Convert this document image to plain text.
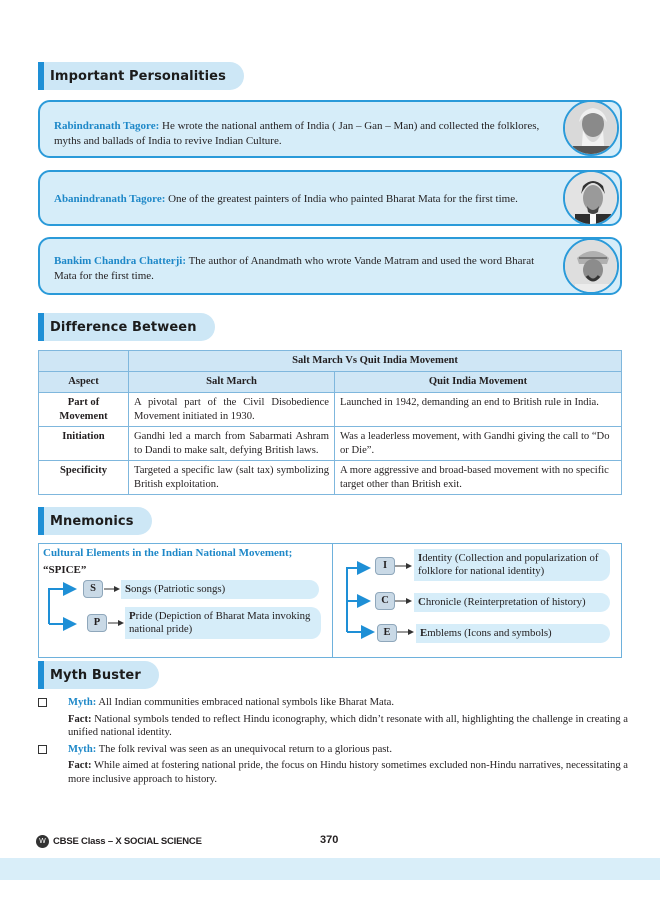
Important Personalities
Rabindranath Tagore: He wrote the national anthem of India ( Jan – Gan – Man) and collected the folklores, myths and ballads of India to revive Indian Culture.
Abanindranath Tagore: One of the greatest painters of India who painted Bharat Mata for the first time.
Bankim Chandra Chatterji: The author of Anandmath who wrote Vande Matram and used the word Bharat Mata for the first time.
Difference Between
	Salt March Vs Quit India Movement	
Aspect	Salt March	Quit India Movement
Part of Movement	A pivotal part of the Civil Disobedience Movement initiated in 1930.	Launched in 1942, demanding an end to British rule in India.
Initiation	Gandhi led a march from Sabarmati Ashram to Dandi to make salt, defying British laws.	Was a leaderless movement, with Gandhi giving the call to “Do or Die”.
Specificity	Targeted a specific law (salt tax) symbolizing British exploitation.	A more aggressive and broad-based movement with no specific target other than British exit.
Mnemonics
Cultural Elements in the Indian National Movement;
“SPICE”
S	Songs (Patriotic songs)
P
Pride (Depiction of Bharat Mata invoking national pride)
I
Identity (Collection and popularization of folklore for national identity)
C	Chronicle (Reinterpretation of history)
E	Emblems (Icons and symbols)
Myth Buster
Myth: All Indian communities embraced national symbols like Bharat Mata.
Fact: National symbols tended to reflect Hindu iconography, which didn’t resonate with all, highlighting the challenge in creating a unified national identity.
Myth: The folk revival was seen as an unequivocal return to a glorious past.
Fact: While aimed at fostering national pride, the focus on Hindu history sometimes excluded non-Hindu narratives, necessitating a more inclusive approach to history.
W CBSE Class – X SOCIAL SCIENCE	370
